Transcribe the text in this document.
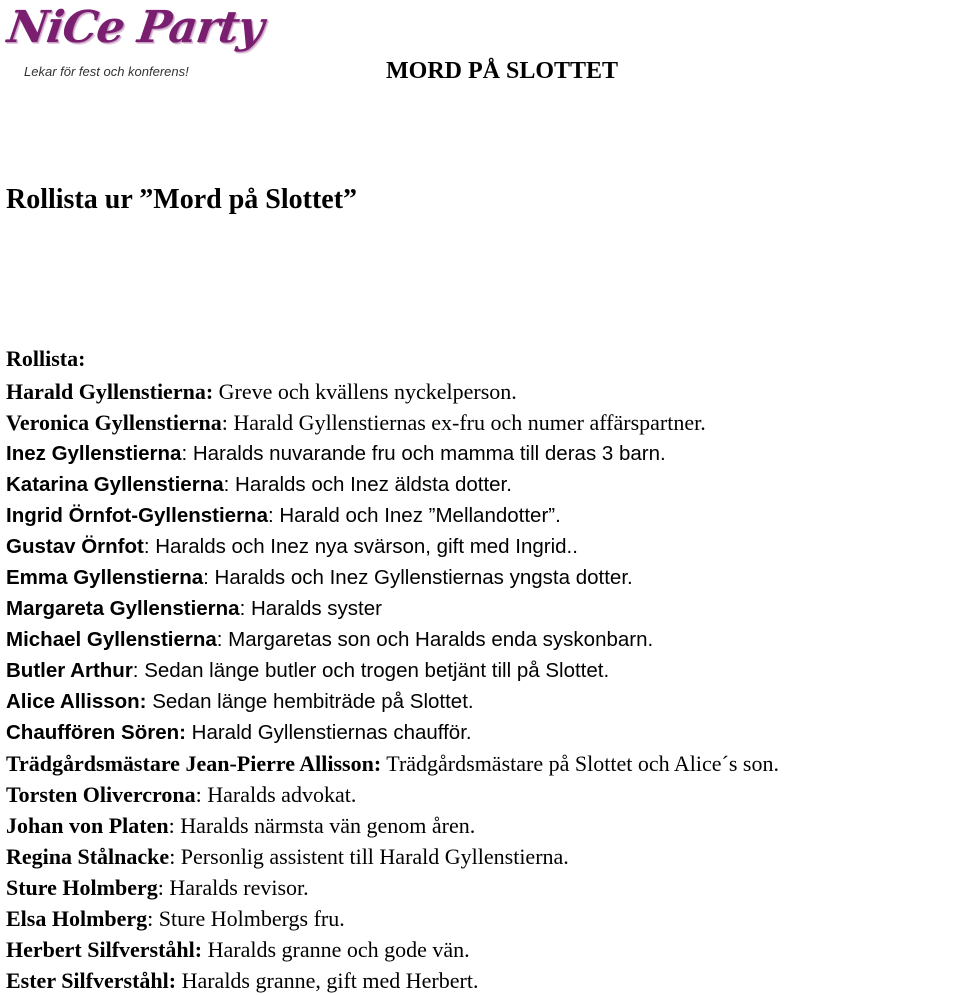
NiCe Party
Lekar för fest och konferens!	MORD PÅ SLOTTET
Rollista ur ”Mord på Slottet”
Rollista:
Harald Gyllenstierna: Greve och kvällens nyckelperson.
Veronica Gyllenstierna: Harald Gyllenstiernas ex-fru och numer affärspartner.
Inez Gyllenstierna: Haralds nuvarande fru och mamma till deras 3 barn.
Katarina Gyllenstierna: Haralds och Inez äldsta dotter.
Ingrid Örnfot-Gyllenstierna: Harald och Inez ”Mellandotter”.
Gustav Örnfot: Haralds och Inez nya svärson, gift med Ingrid..
Emma Gyllenstierna: Haralds och Inez Gyllenstiernas yngsta dotter.
Margareta Gyllenstierna: Haralds syster
Michael Gyllenstierna: Margaretas son och Haralds enda syskonbarn.
Butler Arthur: Sedan länge butler och trogen betjänt till på Slottet.
Alice Allisson: Sedan länge hembiträde på Slottet.
Chauffören Sören: Harald Gyllenstiernas chaufför.
Trädgårdsmästare Jean-Pierre Allisson: Trädgårdsmästare på Slottet och Alice´s son.
Torsten Olivercrona: Haralds advokat.
Johan von Platen: Haralds närmsta vän genom åren.
Regina Stålnacke: Personlig assistent till Harald Gyllenstierna.
Sture Holmberg: Haralds revisor.
Elsa Holmberg: Sture Holmbergs fru.
Herbert Silfverståhl: Haralds granne och gode vän.
Ester Silfverståhl: Haralds granne, gift med Herbert.
